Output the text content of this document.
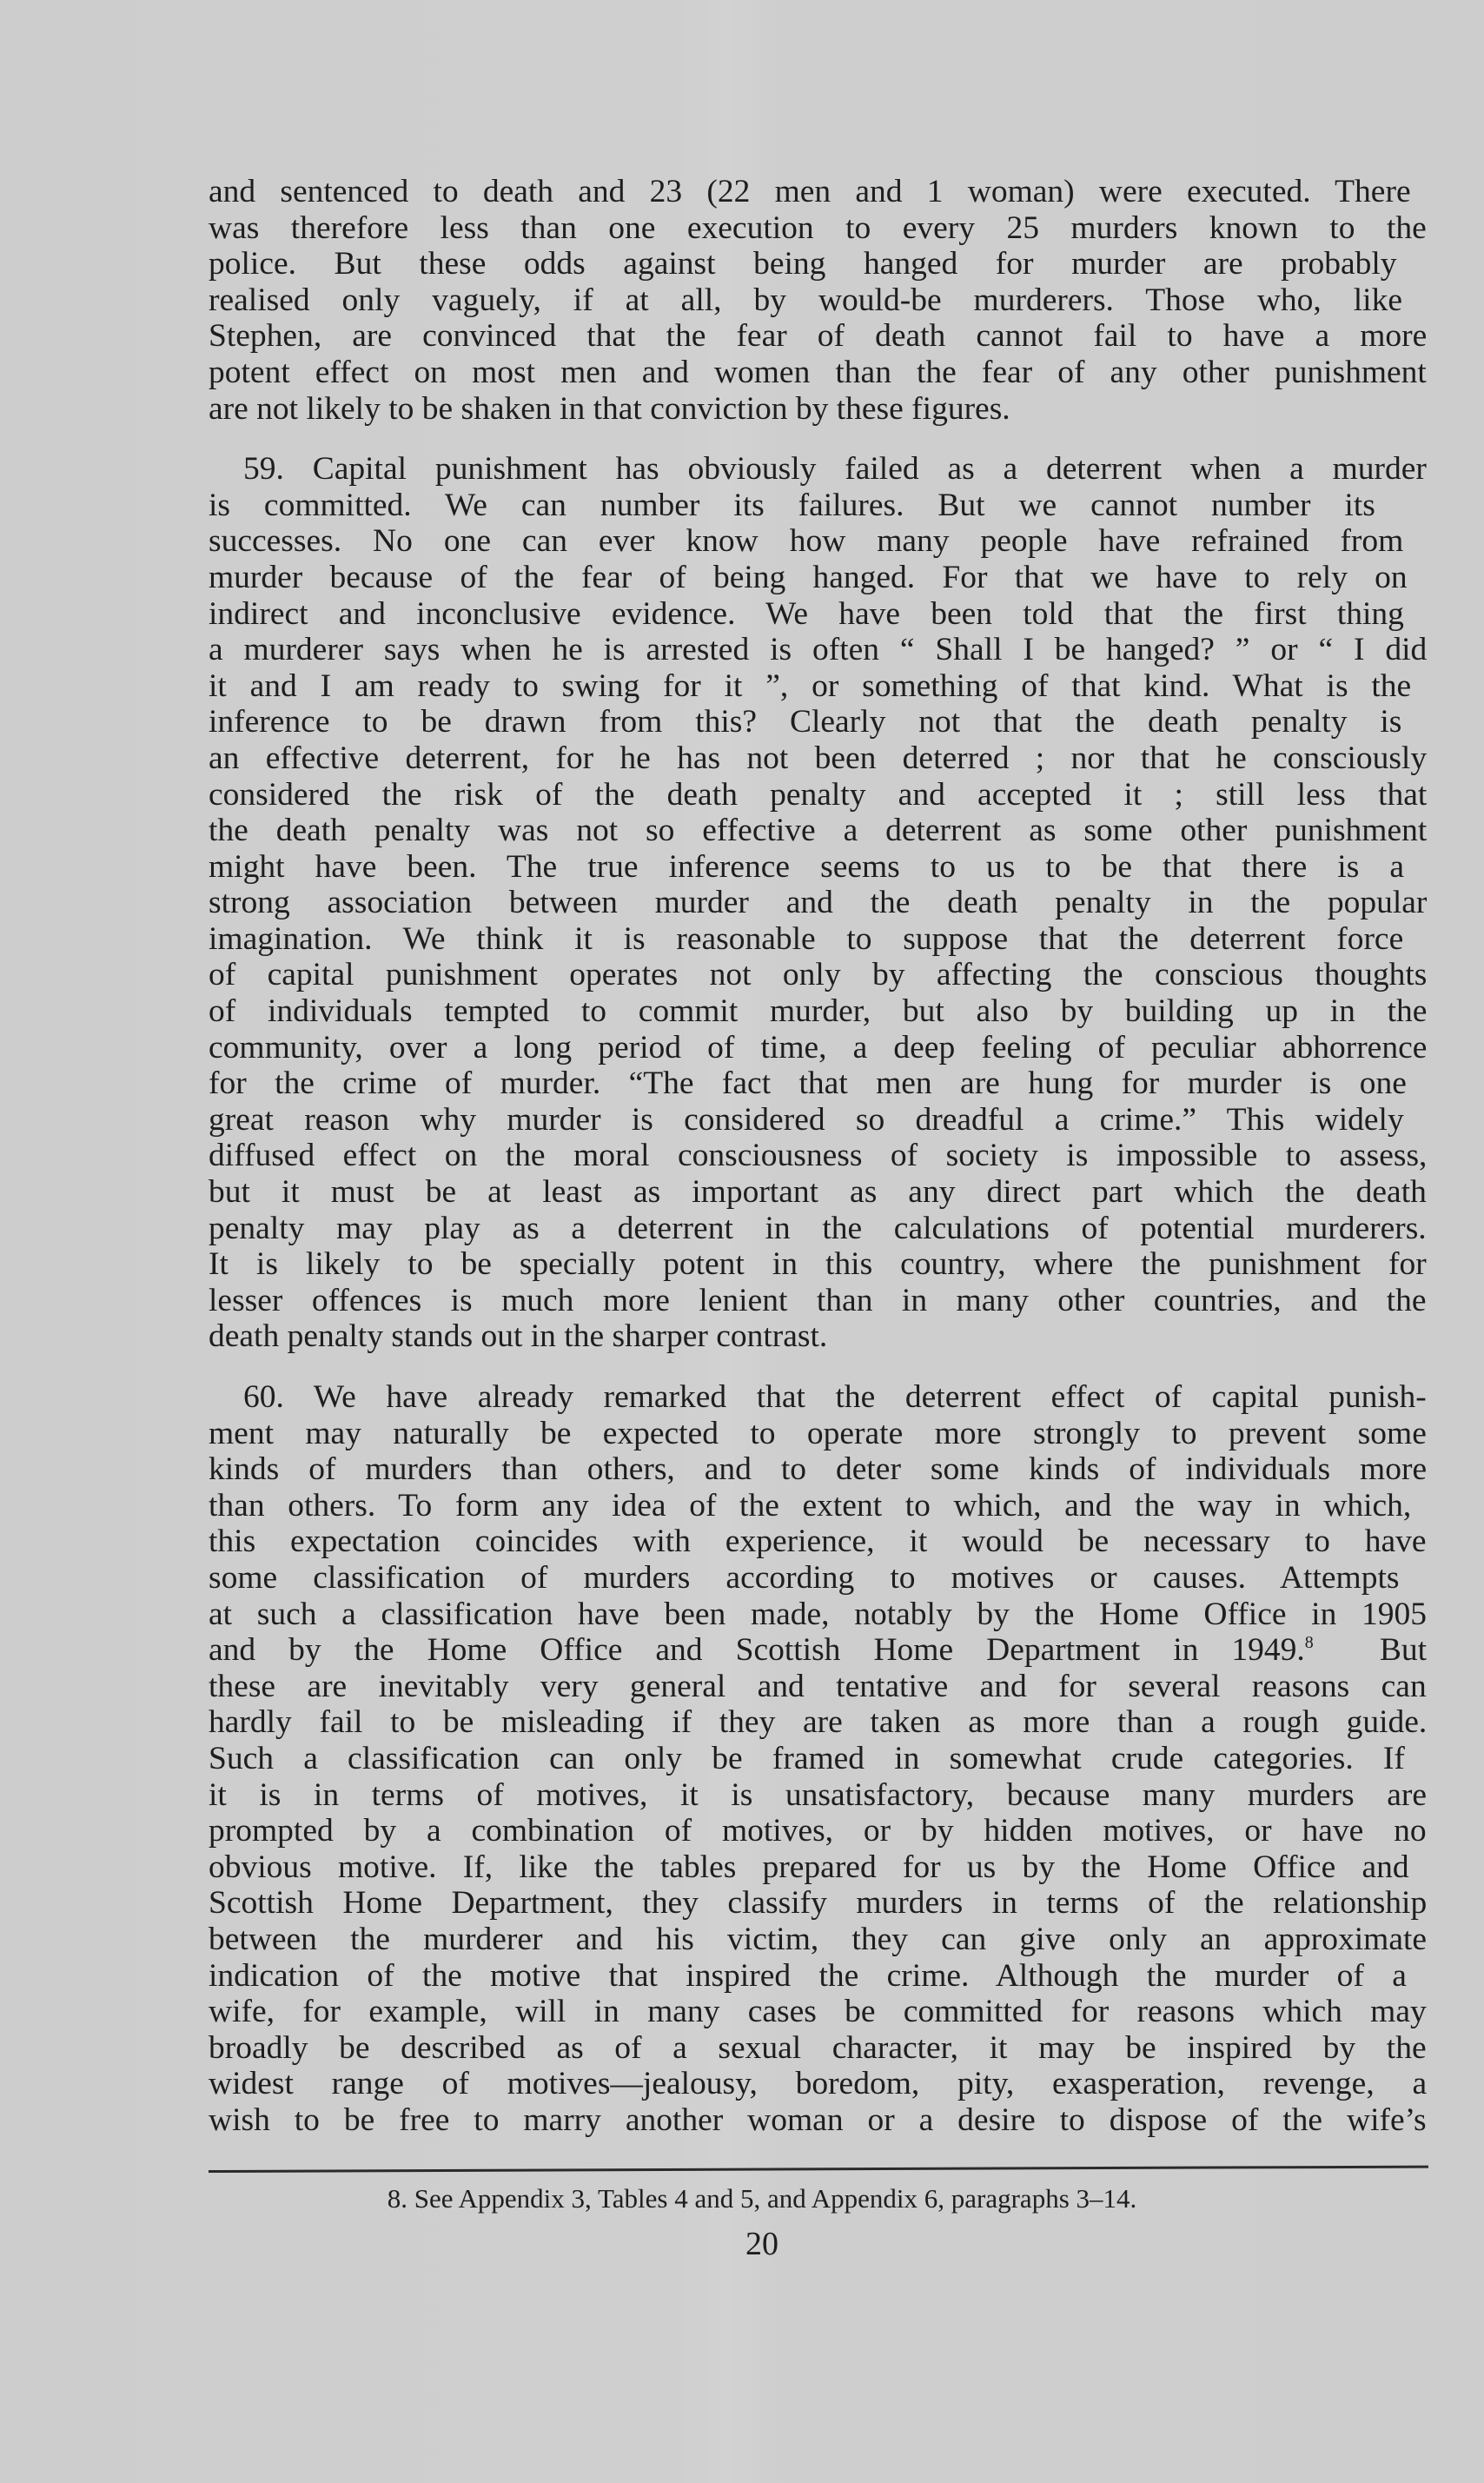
and sentenced to death and 23 (22 men and 1 woman) were executed. There
was therefore less than one execution to every 25 murders known to the
police. But these odds against being hanged for murder are probably
realised only vaguely, if at all, by would-be murderers. Those who, like
Stephen, are convinced that the fear of death cannot fail to have a more
potent effect on most men and women than the fear of any other punishment
are not likely to be shaken in that conviction by these figures.

59. Capital punishment has obviously failed as a deterrent when a murder
is committed. We can number its failures. But we cannot number its
successes. No one can ever know how many people have refrained from
murder because of the fear of being hanged. For that we have to rely on
indirect and inconclusive evidence. We have been told that the first thing
a murderer says when he is arrested is often “ Shall I be hanged? ” or “ I did
it and I am ready to swing for it ”, or something of that kind. What is the
inference to be drawn from this? Clearly not that the death penalty is
an effective deterrent, for he has not been deterred ; nor that he consciously
considered the risk of the death penalty and accepted it ; still less that
the death penalty was not so effective a deterrent as some other punishment
might have been. The true inference seems to us to be that there is a
strong association between murder and the death penalty in the popular
imagination. We think it is reasonable to suppose that the deterrent force
of capital punishment operates not only by affecting the conscious thoughts
of individuals tempted to commit murder, but also by building up in the
community, over a long period of time, a deep feeling of peculiar abhorrence
for the crime of murder. “The fact that men are hung for murder is one
great reason why murder is considered so dreadful a crime.” This widely
diffused effect on the moral consciousness of society is impossible to assess,
but it must be at least as important as any direct part which the death
penalty may play as a deterrent in the calculations of potential murderers.
It is likely to be specially potent in this country, where the punishment for
lesser offences is much more lenient than in many other countries, and the
death penalty stands out in the sharper contrast.

60. We have already remarked that the deterrent effect of capital punish-
ment may naturally be expected to operate more strongly to prevent some
kinds of murders than others, and to deter some kinds of individuals more
than others. To form any idea of the extent to which, and the way in which,
this expectation coincides with experience, it would be necessary to have
some classification of murders according to motives or causes. Attempts
at such a classification have been made, notably by the Home Office in 1905
and by the Home Office and Scottish Home Department in 1949.$^8$  But
these are inevitably very general and tentative and for several reasons can
hardly fail to be misleading if they are taken as more than a rough guide.
Such a classification can only be framed in somewhat crude categories. If
it is in terms of motives, it is unsatisfactory, because many murders are
prompted by a combination of motives, or by hidden motives, or have no
obvious motive. If, like the tables prepared for us by the Home Office and
Scottish Home Department, they classify murders in terms of the relationship
between the murderer and his victim, they can give only an approximate
indication of the motive that inspired the crime. Although the murder of a
wife, for example, will in many cases be committed for reasons which may
broadly be described as of a sexual character, it may be inspired by the
widest range of motives—jealousy, boredom, pity, exasperation, revenge, a
wish to be free to marry another woman or a desire to dispose of the wife’s

8. See Appendix 3, Tables 4 and 5, and Appendix 6, paragraphs 3–14.
20
